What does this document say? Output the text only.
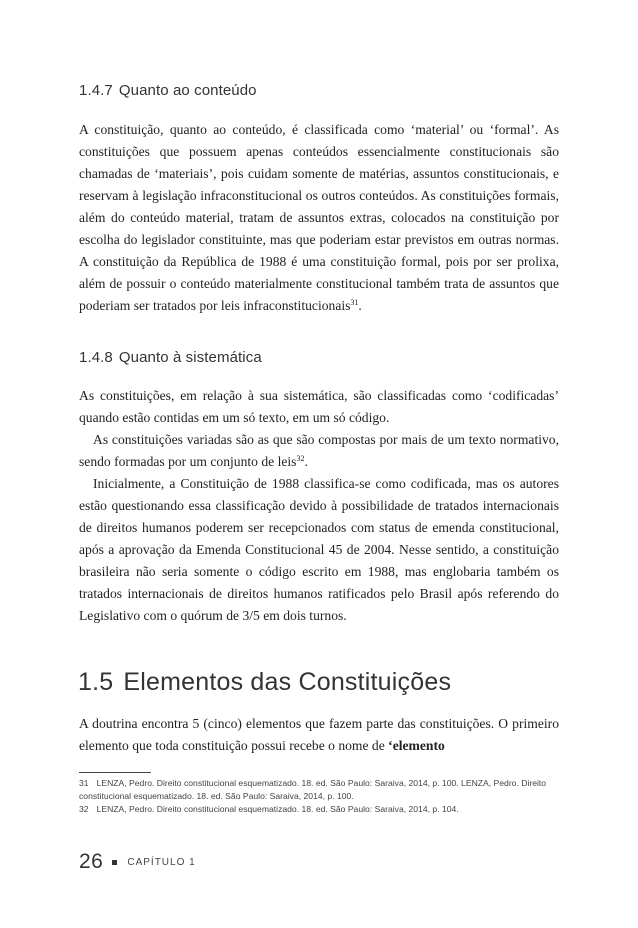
1.4.7 Quanto ao conteúdo

A constituição, quanto ao conteúdo, é classificada como ‘material’ ou ‘formal’. As constituições que possuem apenas conteúdos essencialmente constitucionais são chamadas de ‘materiais’, pois cuidam somente de matérias, assuntos constitucionais, e reservam à legislação infraconstitucional os outros conteúdos. As constituições formais, além do conteúdo material, tratam de assuntos extras, colocados na constituição por escolha do legislador constituinte, mas que poderiam estar previstos em outras normas. A constituição da República de 1988 é uma constituição formal, pois por ser prolixa, além de possuir o conteúdo materialmente constitucional também trata de assuntos que poderiam ser tratados por leis infraconstitucionais$^{31}$.

1.4.8 Quanto à sistemática

As constituições, em relação à sua sistemática, são classificadas como ‘codificadas’ quando estão contidas em um só texto, em um só código.

As constituições variadas são as que são compostas por mais de um texto normativo, sendo formadas por um conjunto de leis$^{32}$.

Inicialmente, a Constituição de 1988 classifica-se como codificada, mas os autores estão questionando essa classificação devido à possibilidade de tratados internacionais de direitos humanos poderem ser recepcionados com status de emenda constitucional, após a aprovação da Emenda Constitucional 45 de 2004. Nesse sentido, a constituição brasileira não seria somente o código escrito em 1988, mas englobaria também os tratados internacionais de direitos humanos ratificados pelo Brasil após referendo do Legislativo com o quórum de 3/5 em dois turnos.

1.5 Elementos das Constituições

A doutrina encontra 5 (cinco) elementos que fazem parte das constituições. O primeiro elemento que toda constituição possui recebe o nome de ‘elemento

31 LENZA, Pedro. Direito constitucional esquematizado. 18. ed. São Paulo: Saraiva, 2014, p. 100. LENZA, Pedro. Direito constitucional esquematizado. 18. ed. São Paulo: Saraiva, 2014, p. 100.

32 LENZA, Pedro. Direito constitucional esquematizado. 18. ed. São Paulo: Saraiva, 2014, p. 104.

26 CAPÍTULO 1
